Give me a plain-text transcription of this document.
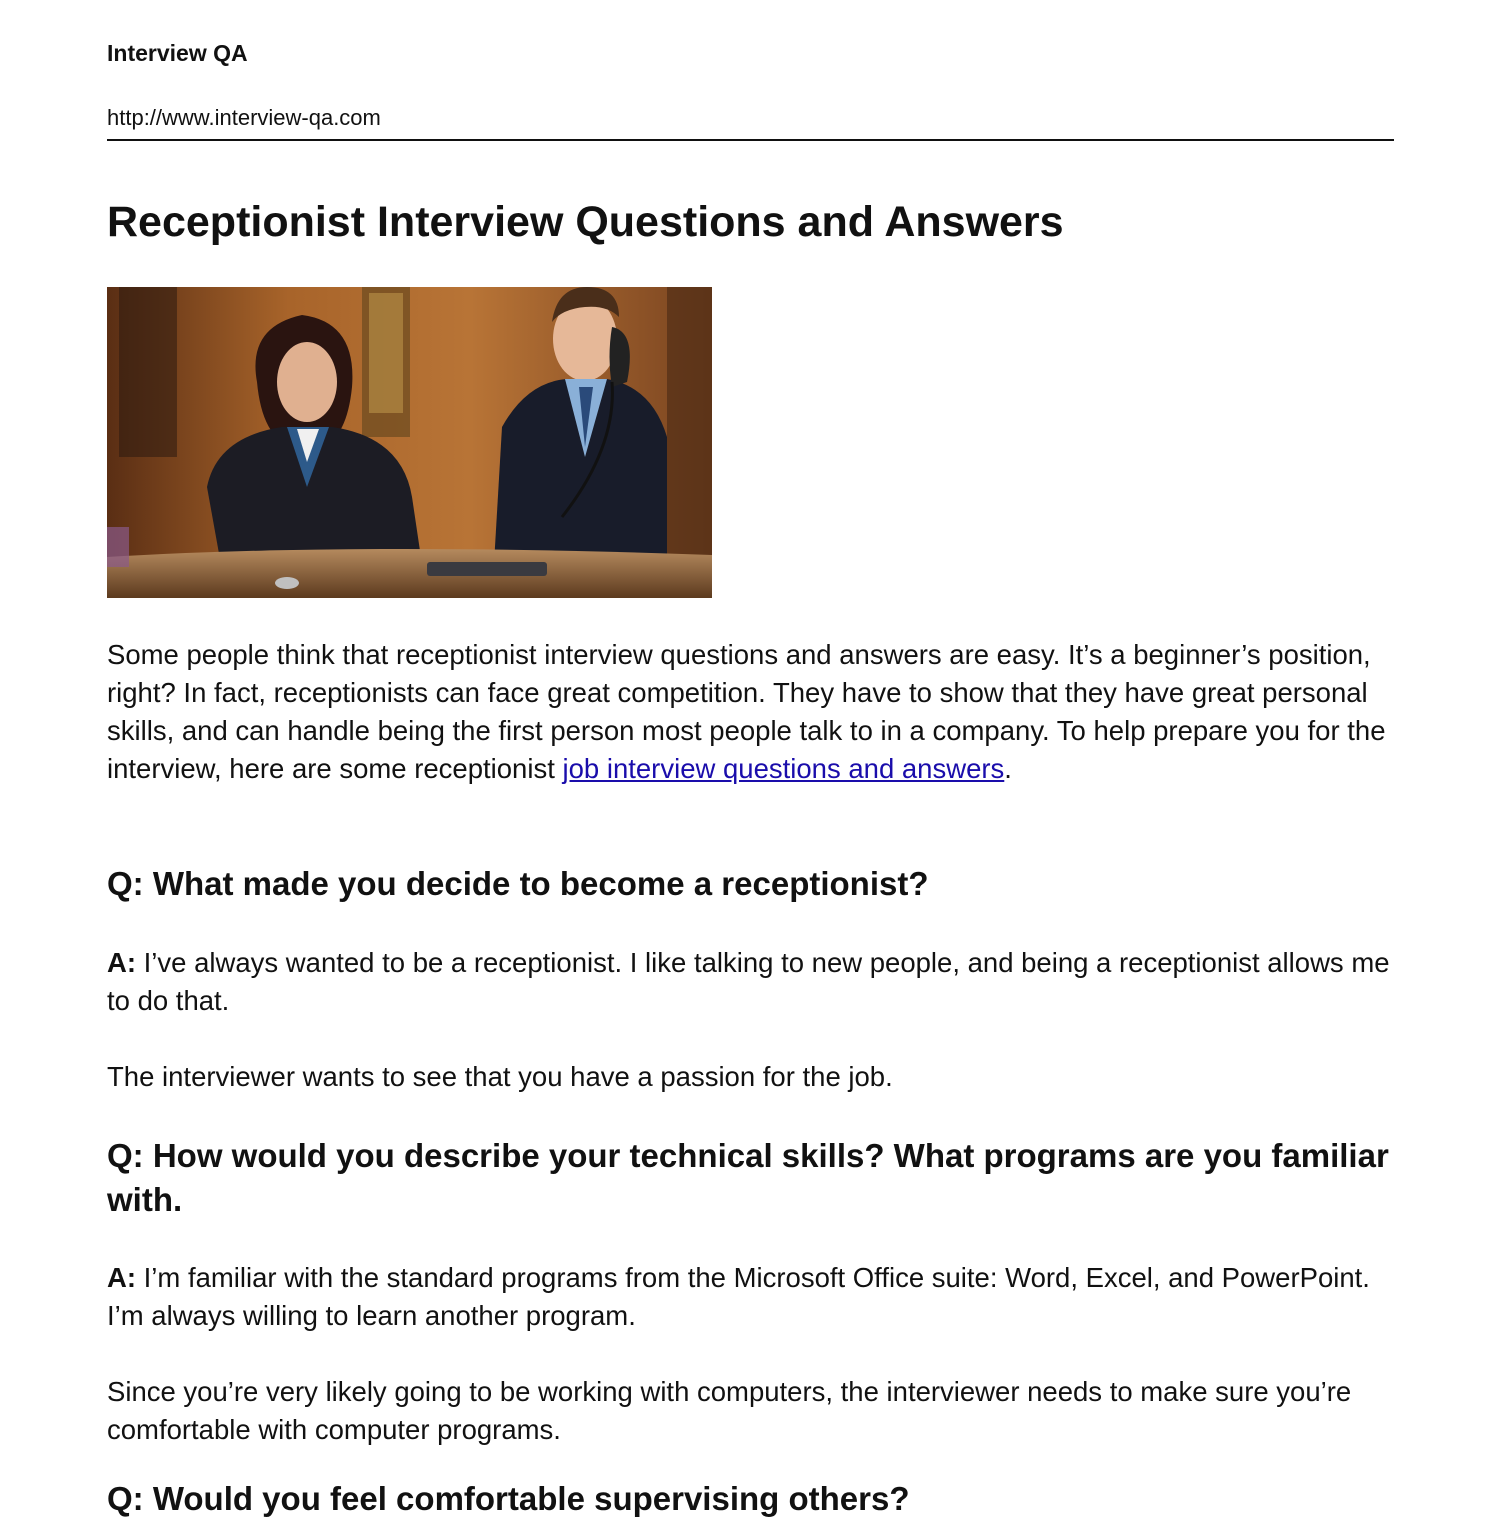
Interview QA

http://www.interview-qa.com

Receptionist Interview Questions and Answers

Some people think that receptionist interview questions and answers are easy. It’s a beginner’s position, right? In fact, receptionists can face great competition. They have to show that they have great personal skills, and can handle being the first person most people talk to in a company. To help prepare you for the interview, here are some receptionist job interview questions and answers.

Q: What made you decide to become a receptionist?

A: I’ve always wanted to be a receptionist. I like talking to new people, and being a receptionist allows me to do that.

The interviewer wants to see that you have a passion for the job.

Q: How would you describe your technical skills? What programs are you familiar with.

A: I’m familiar with the standard programs from the Microsoft Office suite: Word, Excel, and PowerPoint. I’m always willing to learn another program.

Since you’re very likely going to be working with computers, the interviewer needs to make sure you’re comfortable with computer programs.

Q: Would you feel comfortable supervising others?
